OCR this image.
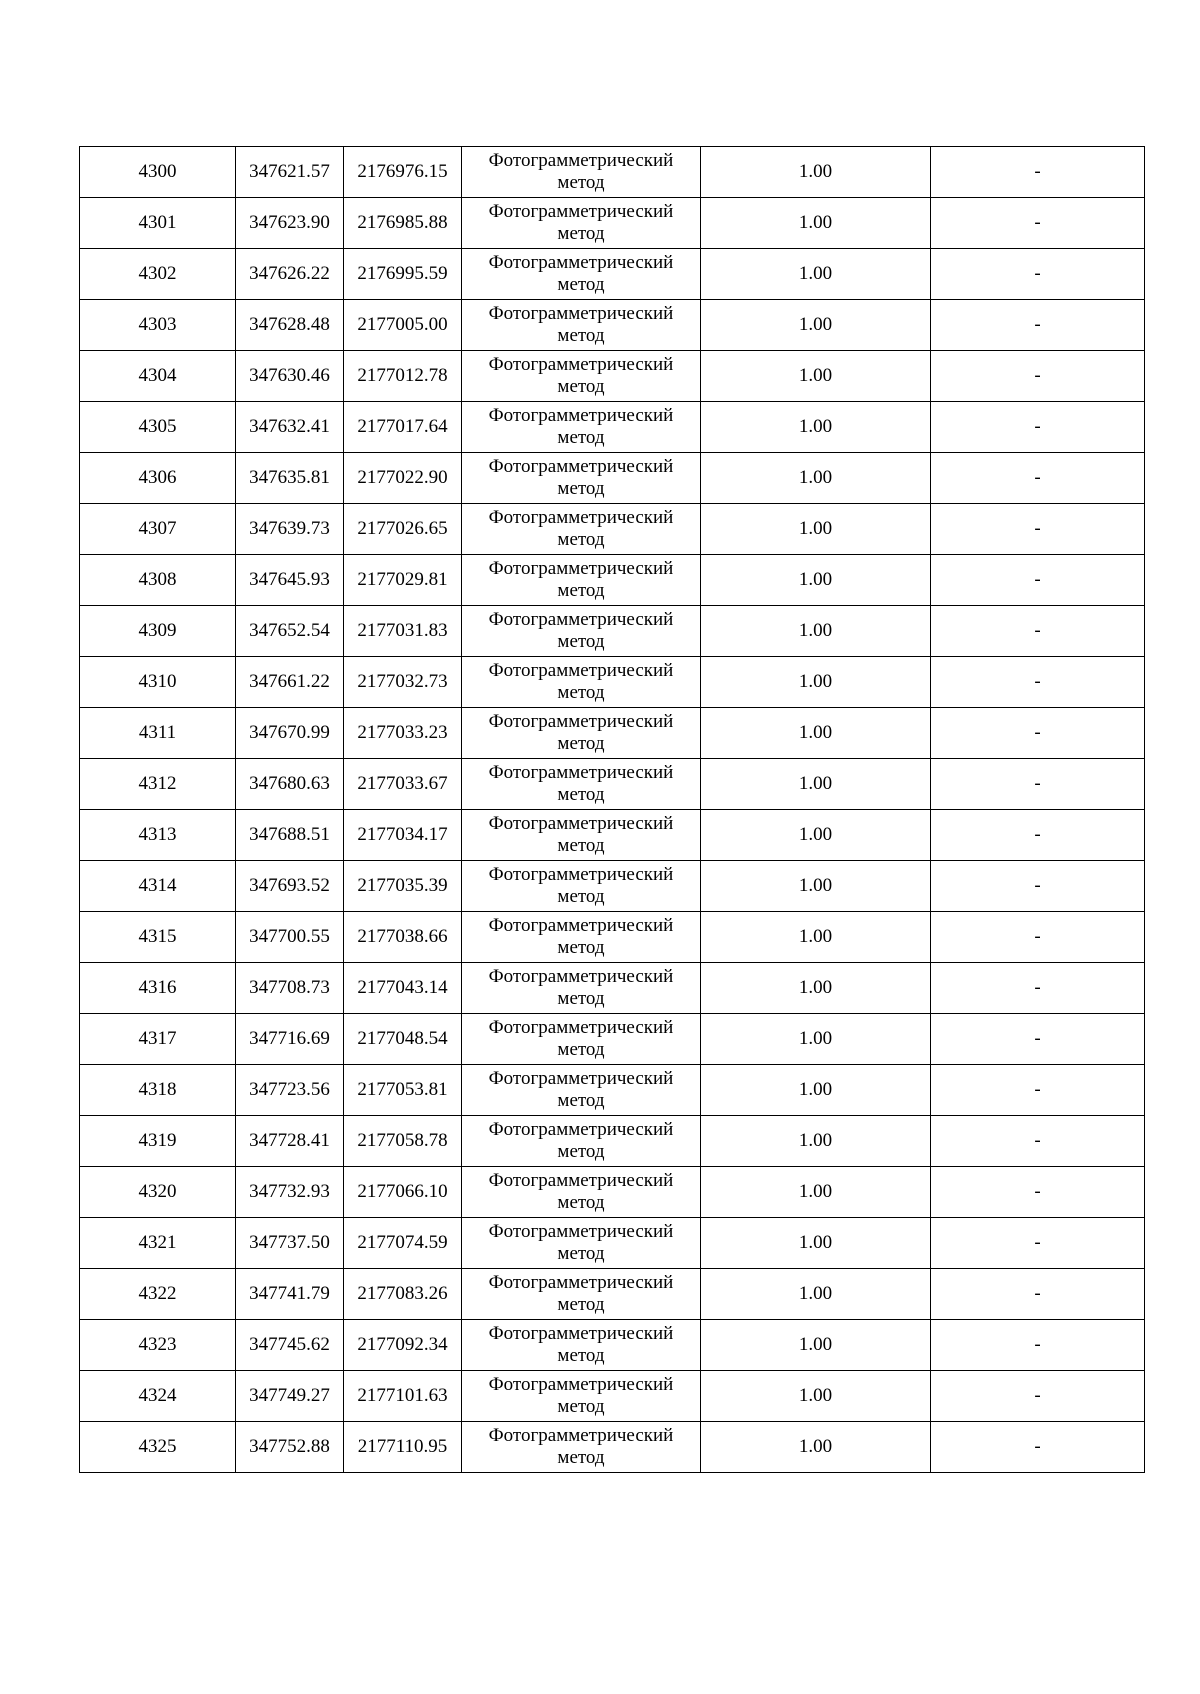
4300	347621.57	2176976.15	Фотограмметрический метод	1.00	-
4301	347623.90	2176985.88	Фотограмметрический метод	1.00	-
4302	347626.22	2176995.59	Фотограмметрический метод	1.00	-
4303	347628.48	2177005.00	Фотограмметрический метод	1.00	-
4304	347630.46	2177012.78	Фотограмметрический метод	1.00	-
4305	347632.41	2177017.64	Фотограмметрический метод	1.00	-
4306	347635.81	2177022.90	Фотограмметрический метод	1.00	-
4307	347639.73	2177026.65	Фотограмметрический метод	1.00	-
4308	347645.93	2177029.81	Фотограмметрический метод	1.00	-
4309	347652.54	2177031.83	Фотограмметрический метод	1.00	-
4310	347661.22	2177032.73	Фотограмметрический метод	1.00	-
4311	347670.99	2177033.23	Фотограмметрический метод	1.00	-
4312	347680.63	2177033.67	Фотограмметрический метод	1.00	-
4313	347688.51	2177034.17	Фотограмметрический метод	1.00	-
4314	347693.52	2177035.39	Фотограмметрический метод	1.00	-
4315	347700.55	2177038.66	Фотограмметрический метод	1.00	-
4316	347708.73	2177043.14	Фотограмметрический метод	1.00	-
4317	347716.69	2177048.54	Фотограмметрический метод	1.00	-
4318	347723.56	2177053.81	Фотограмметрический метод	1.00	-
4319	347728.41	2177058.78	Фотограмметрический метод	1.00	-
4320	347732.93	2177066.10	Фотограмметрический метод	1.00	-
4321	347737.50	2177074.59	Фотограмметрический метод	1.00	-
4322	347741.79	2177083.26	Фотограмметрический метод	1.00	-
4323	347745.62	2177092.34	Фотограмметрический метод	1.00	-
4324	347749.27	2177101.63	Фотограмметрический метод	1.00	-
4325	347752.88	2177110.95	Фотограмметрический метод	1.00	-
